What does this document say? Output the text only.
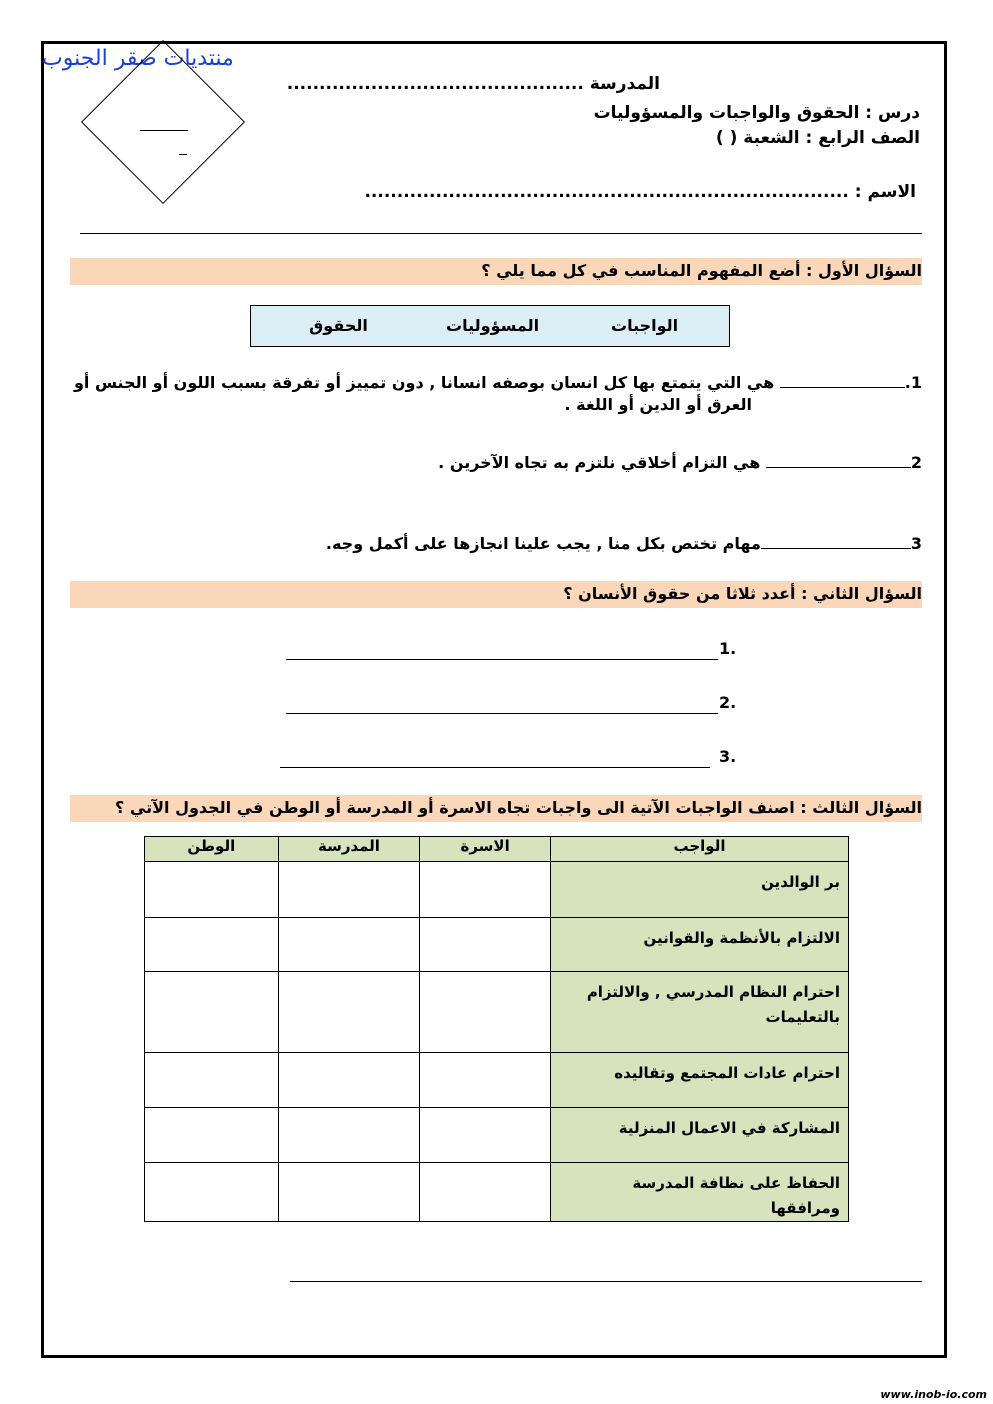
منتديات صقر الجنوب
المدرسة ..............................................
درس : الحقوق والواجبات والمسؤوليات
الصف الرابع : الشعبة ( )
الاسم : ...........................................................................
السؤال الأول : أضع المفهوم المناسب في كل مما يلي ؟
الواجبات
المسؤوليات
الحقوق
1. هي التي يتمتع بها كل انسان بوصفه انسانا , دون تمييز أو تفرقة بسبب اللون أو الجنس أو
العرق أو الدين أو اللغة .
2 هي التزام أخلاقي نلتزم به تجاه الآخرين .
3مهام تختص بكل منا , يجب علينا انجازها على أكمل وجه.
السؤال الثاني : أعدد ثلاثا من حقوق الأنسان ؟
1.
2.
3.
السؤال الثالث : اصنف الواجبات الآتية الى واجبات تجاه الاسرة أو المدرسة أو الوطن في الجدول الآتي ؟
الواجب	الاسرة	المدرسة	الوطن
بر الوالدين			
الالتزام بالأنظمة والقوانين			
احترام النظام المدرسي , والالتزام بالتعليمات			
احترام عادات المجتمع وتقاليده			
المشاركة في الاعمال المنزلية			
الحفاظ على نظافة المدرسة ومرافقها			
www.inob-io.com
